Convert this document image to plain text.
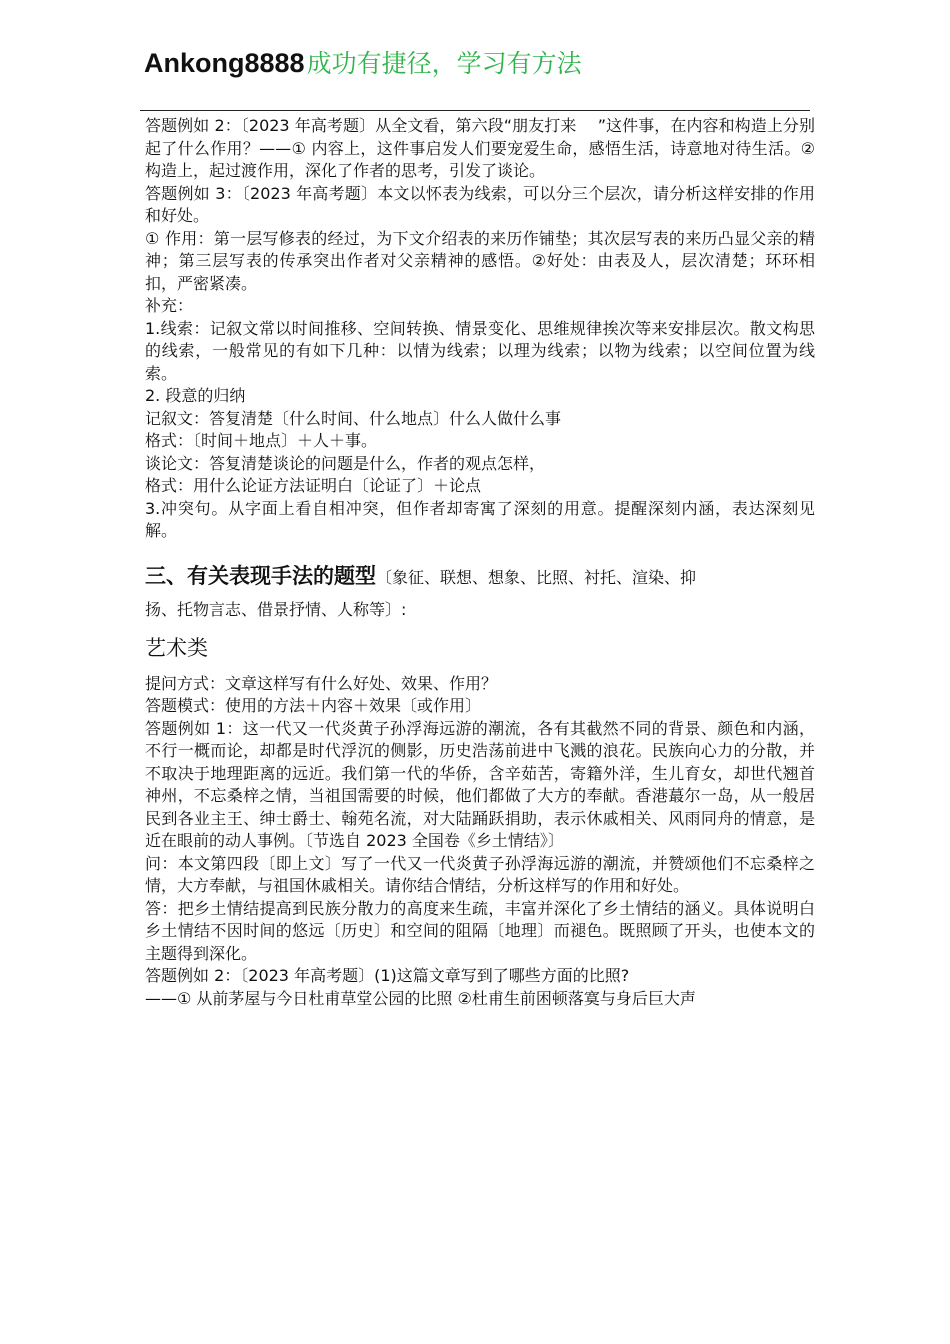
Ankong8888成功有捷径，学习有方法

答题例如 2：〔2023 年高考题〕从全文看，第六段“朋友打来　 ”这件事，在内容和构造上分别起了什么作用？——① 内容上，这件事启发人们要宠爱生命，感悟生活，诗意地对待生活。② 构造上，起过渡作用，深化了作者的思考，引发了谈论。

答题例如 3：〔2023 年高考题〕本文以怀表为线索，可以分三个层次，请分析这样安排的作用和好处。

① 作用：第一层写修表的经过，为下文介绍表的来历作铺垫；其次层写表的来历凸显父亲的精神；第三层写表的传承突出作者对父亲精神的感悟。②好处：由表及人，层次清楚；环环相扣，严密紧凑。

补充：

1.线索：记叙文常以时间推移、空间转换、情景变化、思维规律挨次等来安排层次。散文构思的线索，一般常见的有如下几种：以情为线索；以理为线索；以物为线索；以空间位置为线索。

2. 段意的归纳

记叙文：答复清楚〔什么时间、什么地点〕什么人做什么事

格式：〔时间＋地点〕＋人＋事。

谈论文：答复清楚谈论的问题是什么，作者的观点怎样，

格式：用什么论证方法证明白〔论证了〕＋论点

3.冲突句。从字面上看自相冲突，但作者却寄寓了深刻的用意。提醒深刻内涵，表达深刻见解。

三、有关表现手法的题型〔象征、联想、想象、比照、衬托、渲染、抑
扬、托物言志、借景抒情、人称等〕:
艺术类

提问方式：文章这样写有什么好处、效果、作用？

答题模式：使用的方法＋内容＋效果〔或作用〕

答题例如 1：这一代又一代炎黄子孙浮海远游的潮流，各有其截然不同的背景、颜色和内涵，不行一概而论，却都是时代浮沉的侧影，历史浩荡前进中飞溅的浪花。民族向心力的分散，并不取决于地理距离的远近。我们第一代的华侨，含辛茹苦，寄籍外洋，生儿育女，却世代翘首神州，不忘桑梓之情，当祖国需要的时候，他们都做了大方的奉献。香港蕞尔一岛，从一般居民到各业主王、绅士爵士、翰苑名流，对大陆踊跃捐助，表示休戚相关、风雨同舟的情意，是近在眼前的动人事例。〔节选自 2023 全国卷《乡土情结》〕

问：本文第四段〔即上文〕写了一代又一代炎黄子孙浮海远游的潮流，并赞颂他们不忘桑梓之情，大方奉献，与祖国休戚相关。请你结合情结，分析这样写的作用和好处。

答：把乡土情结提高到民族分散力的高度来生疏，丰富并深化了乡土情结的涵义。具体说明白乡土情结不因时间的悠远〔历史〕和空间的阻隔〔地理〕而褪色。既照顾了开头，也使本文的主题得到深化。

答题例如 2：〔2023 年高考题〕(1)这篇文章写到了哪些方面的比照?

——① 从前茅屋与今日杜甫草堂公园的比照 ②杜甫生前困顿落寞与身后巨大声
